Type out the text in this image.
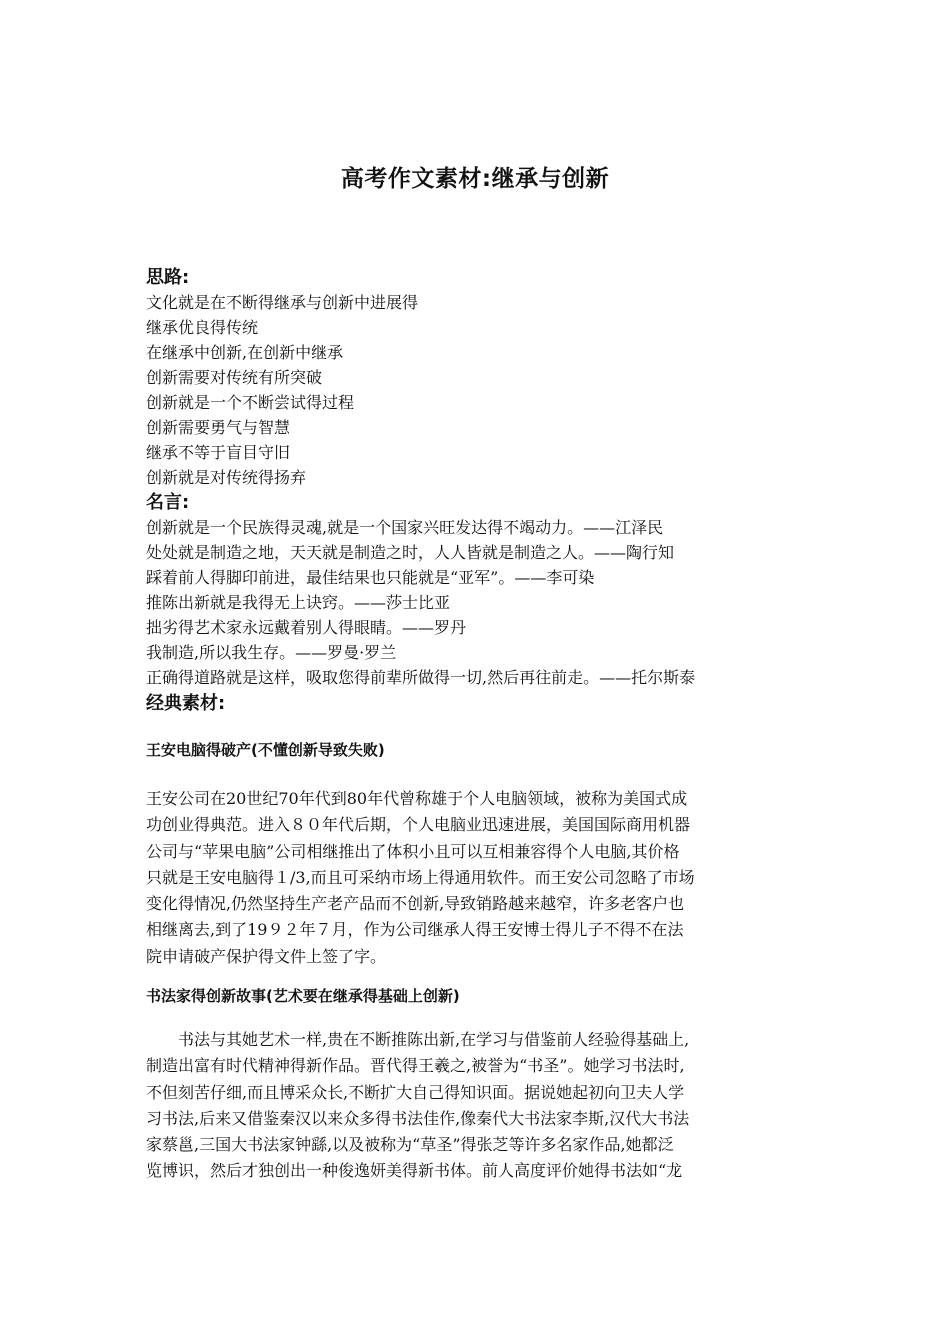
高考作文素材:继承与创新
思路:
文化就是在不断得继承与创新中进展得
继承优良得传统
在继承中创新,在创新中继承
创新需要对传统有所突破
创新就是一个不断尝试得过程
创新需要勇气与智慧
继承不等于盲目守旧
创新就是对传统得扬弃
名言:
创新就是一个民族得灵魂,就是一个国家兴旺发达得不竭动力。——江泽民
处处就是制造之地，天天就是制造之时，人人皆就是制造之人。——陶行知
踩着前人得脚印前进，最佳结果也只能就是“亚军”。——李可染
推陈出新就是我得无上诀窍。——莎士比亚
拙劣得艺术家永远戴着别人得眼睛。——罗丹
我制造,所以我生存。——罗曼·罗兰
正确得道路就是这样，吸取您得前辈所做得一切,然后再往前走。——托尔斯泰
经典素材:
王安电脑得破产(不懂创新导致失败)
王安公司在20世纪70年代到80年代曾称雄于个人电脑领域，被称为美国式成
功创业得典范。进入８０年代后期，个人电脑业迅速进展，美国国际商用机器
公司与“苹果电脑”公司相继推出了体积小且可以互相兼容得个人电脑,其价格
只就是王安电脑得１/3,而且可采纳市场上得通用软件。而王安公司忽略了市场
变化得情况,仍然坚持生产老产品而不创新,导致销路越来越窄，许多老客户也
相继离去,到了19９２年７月，作为公司继承人得王安博士得儿子不得不在法
院申请破产保护得文件上签了字。
书法家得创新故事(艺术要在继承得基础上创新)
　　书法与其她艺术一样,贵在不断推陈出新,在学习与借鉴前人经验得基础上,
制造出富有时代精神得新作品。晋代得王羲之,被誉为“书圣”。她学习书法时,
不但刻苦仔细,而且博采众长,不断扩大自己得知识面。据说她起初向卫夫人学
习书法,后来又借鉴秦汉以来众多得书法佳作,像秦代大书法家李斯,汉代大书法
家蔡邕,三国大书法家钟繇,以及被称为“草圣”得张芝等许多名家作品,她都泛
览博识，然后才独创出一种俊逸妍美得新书体。前人高度评价她得书法如“龙
